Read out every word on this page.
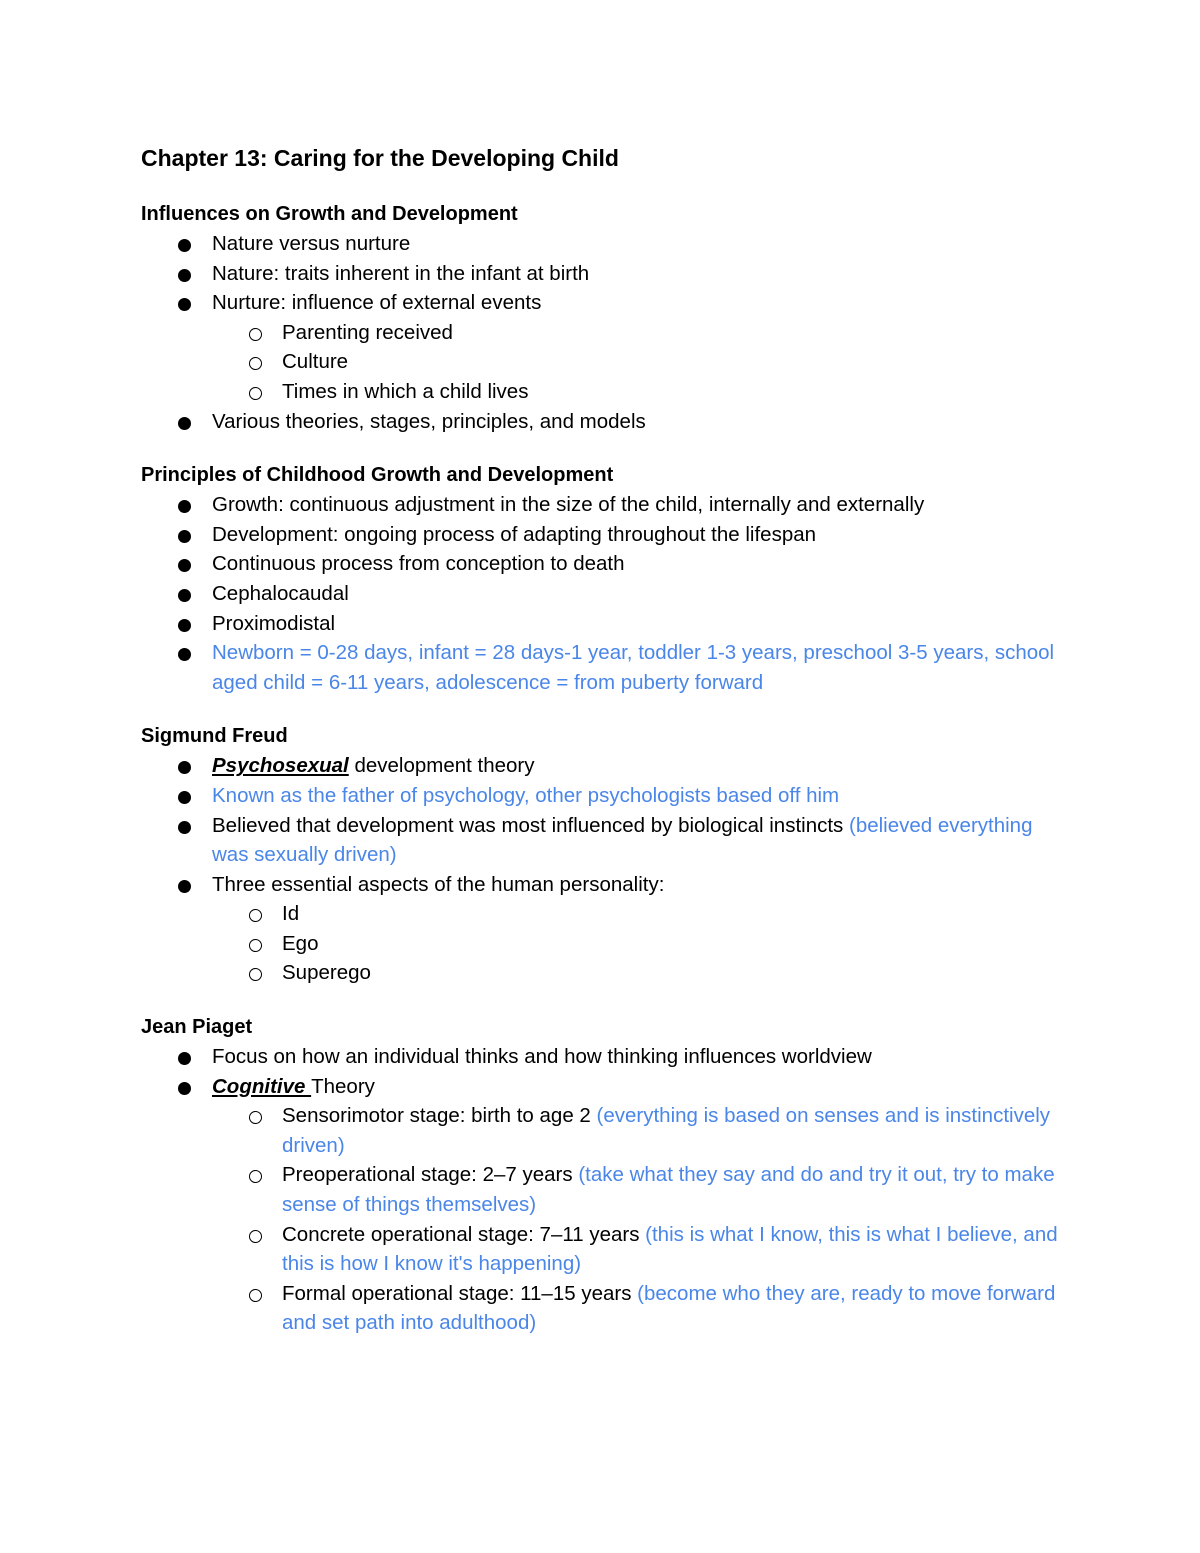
Chapter 13: Caring for the Developing Child
Influences on Growth and Development
Nature versus nurture
Nature: traits inherent in the infant at birth
Nurture: influence of external events
Parenting received
Culture
Times in which a child lives
Various theories, stages, principles, and models
Principles of Childhood Growth and Development
Growth: continuous adjustment in the size of the child, internally and externally
Development: ongoing process of adapting throughout the lifespan
Continuous process from conception to death
Cephalocaudal
Proximodistal
Newborn = 0-28 days, infant = 28 days-1 year, toddler 1-3 years, preschool 3-5 years, school aged child = 6-11 years, adolescence = from puberty forward
Sigmund Freud
Psychosexual development theory
Known as the father of psychology, other psychologists based off him
Believed that development was most influenced by biological instincts (believed everything was sexually driven)
Three essential aspects of the human personality:
Id
Ego
Superego
Jean Piaget
Focus on how an individual thinks and how thinking influences worldview
Cognitive Theory
Sensorimotor stage: birth to age 2 (everything is based on senses and is instinctively driven)
Preoperational stage: 2–7 years (take what they say and do and try it out, try to make sense of things themselves)
Concrete operational stage: 7–11 years (this is what I know, this is what I believe, and this is how I know it's happening)
Formal operational stage: 11–15 years (become who they are, ready to move forward and set path into adulthood)
